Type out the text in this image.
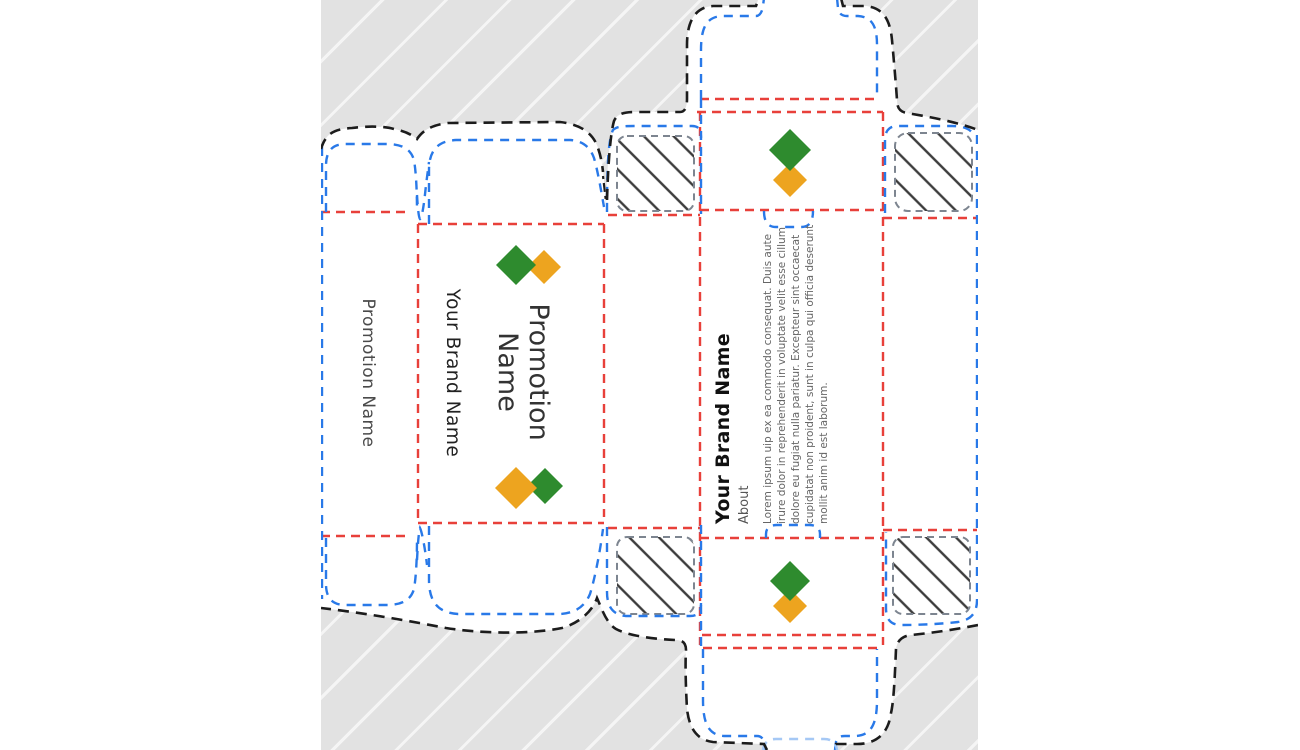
Promotion Name	Your Brand Name	Promotion Name	Your Brand Name About Lorem ipsum uip ex ea commodo consequat. Duis aute irure dolor in reprehenderit in voluptate velit esse cillum dolore eu fugiat nulla pariatur. Excepteur sint occaecat cupidatat non proident, sunt in culpa qui officia deserunt mollit anim id est laborum.
